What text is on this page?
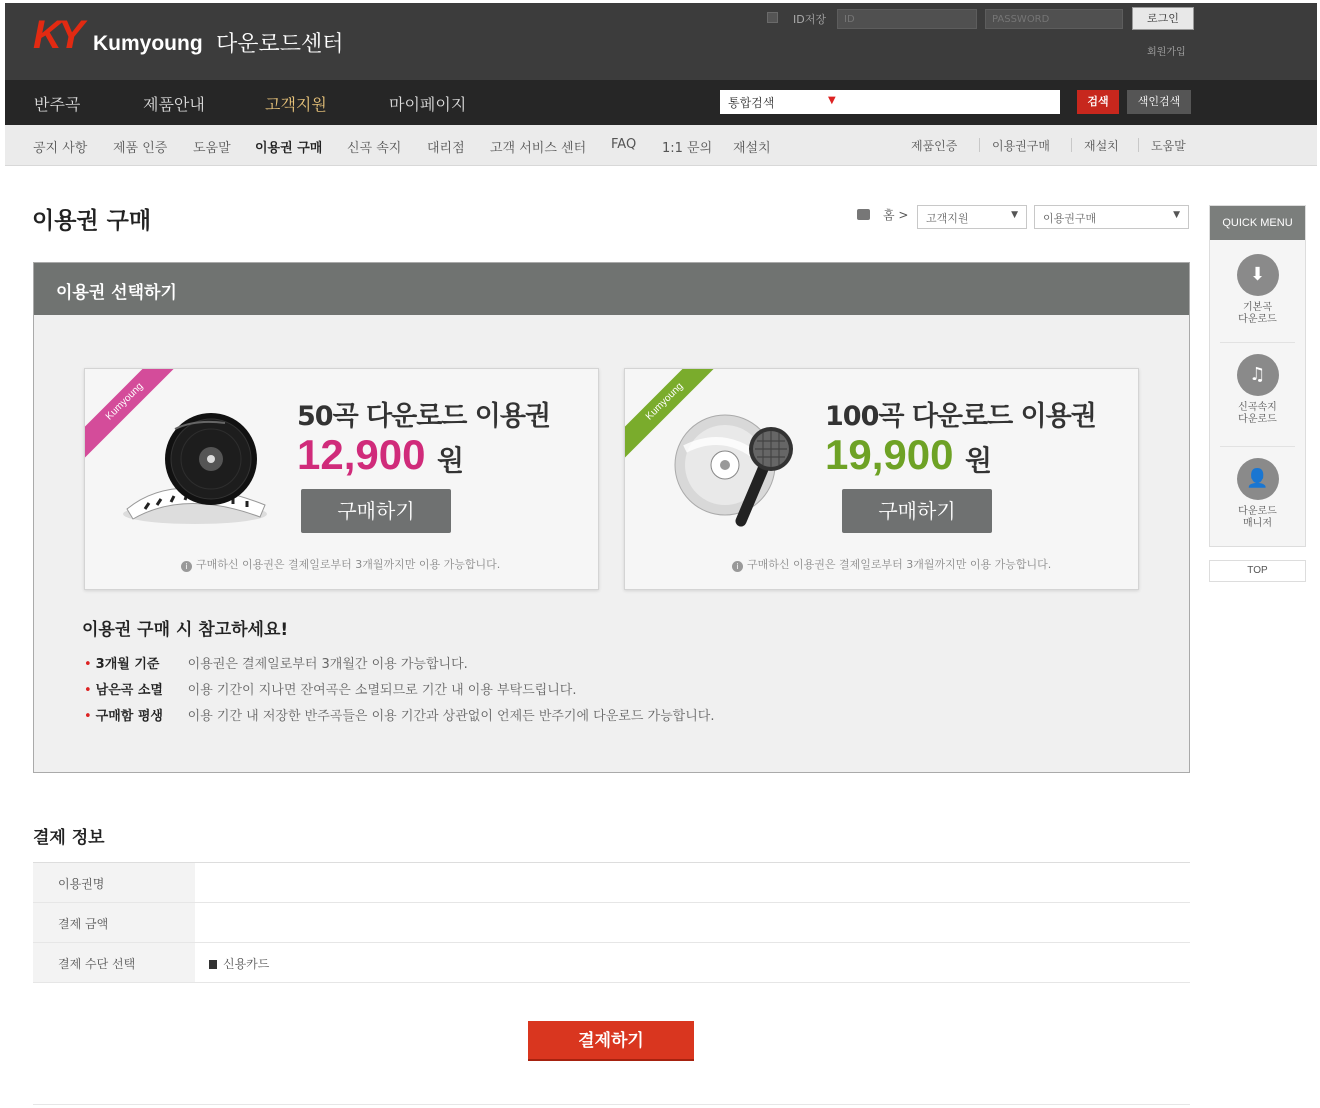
KY Kumyoung 다운로드센터
ID저장
ID	로그인
회원가입
반주곡	제품안내	고객지원	마이페이지	통합검색	▼	검색	색인검색
공지 사항 제품 인증 도움말 이용권 구매 신곡 속지 대리점 고객 서비스 센터 FAQ 1:1 문의 재설치	제품인증	이용권구매	재설치	도움말
이용권 구매	홈 >	고객지원	▼	이용권구매	▼
이용권 선택하기
Kumyoung	50곡 다운로드 이용권
12,900 원
구매하기
i 구매하신 이용권은 결제일로부터 3개월까지만 이용 가능합니다.
Kumyoung	100곡 다운로드 이용권
19,900 원
구매하기
i 구매하신 이용권은 결제일로부터 3개월까지만 이용 가능합니다.
이용권 구매 시 참고하세요!
• 3개월 기준 이용권은 결제일로부터 3개월간 이용 가능합니다.
• 남은곡 소멸 이용 기간이 지나면 잔여곡은 소멸되므로 기간 내 이용 부탁드립니다.
• 구매함 평생 이용 기간 내 저장한 반주곡들은 이용 기간과 상관없이 언제든 반주기에 다운로드 가능합니다.
결제 정보
이용권명
결제 금액
결제 수단 선택	신용카드
결제하기
QUICK MENU
⬇
기본곡
다운로드
♫
신곡속지
다운로드
👤
다운로드
매니저
TOP
